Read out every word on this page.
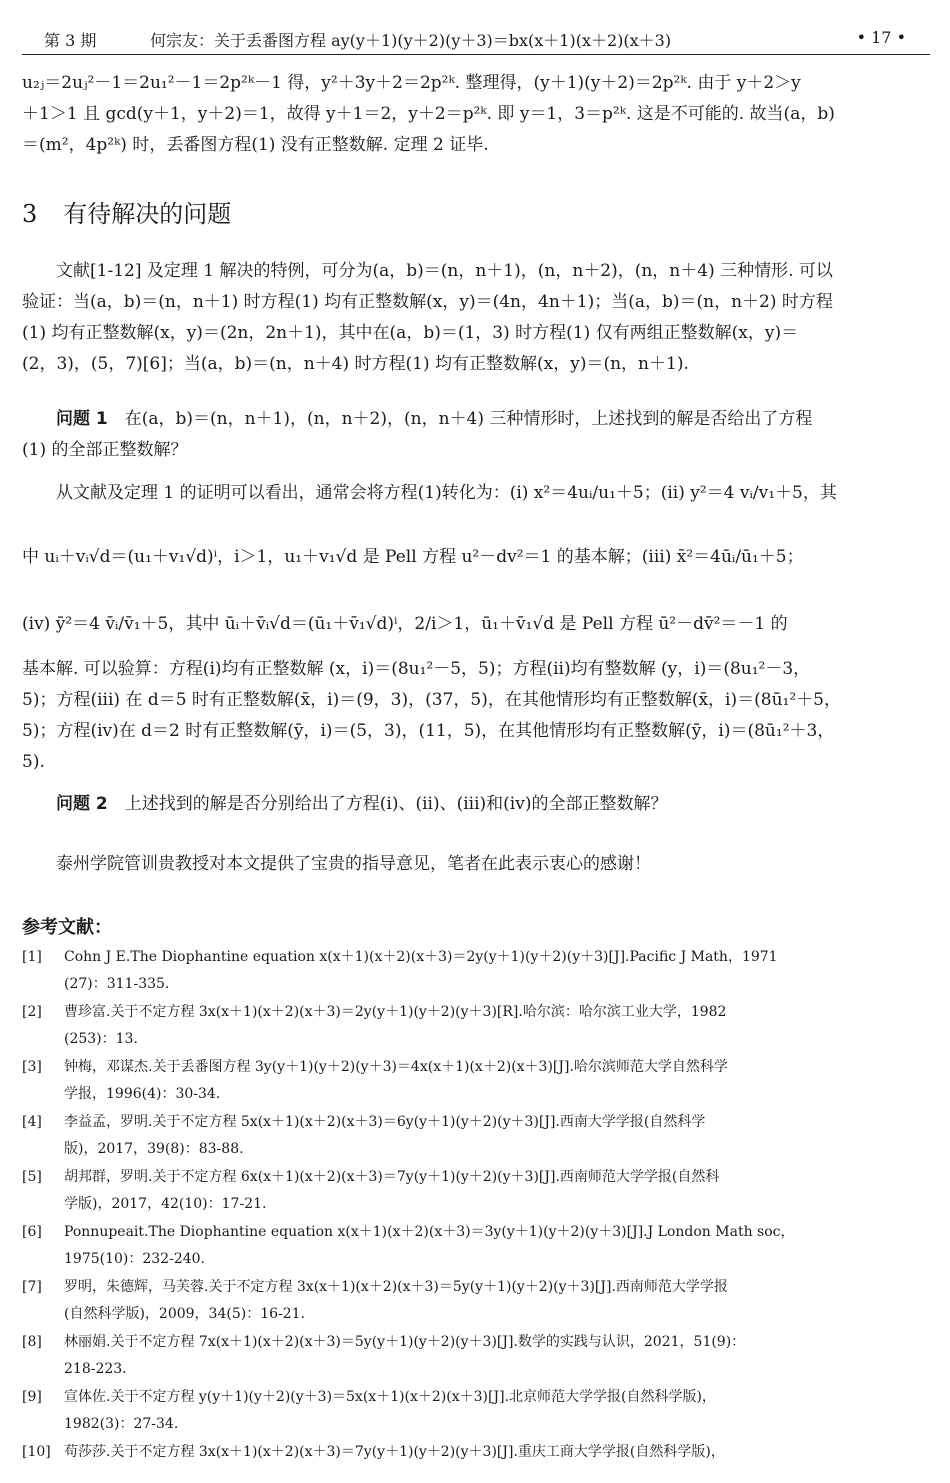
第 3 期	何宗友：关于丢番图方程 ay(y＋1)(y＋2)(y＋3)＝bx(x＋1)(x＋2)(x＋3)	• 17 •
u₂ⱼ＝2uⱼ²－1＝2u₁²－1＝2p²ᵏ－1 得，y²＋3y＋2＝2p²ᵏ. 整理得，(y＋1)(y＋2)＝2p²ᵏ. 由于 y＋2＞y
＋1＞1 且 gcd(y＋1，y＋2)＝1，故得 y＋1＝2，y＋2＝p²ᵏ. 即 y＝1，3＝p²ᵏ. 这是不可能的. 故当(a，b)
＝(m²，4p²ᵏ) 时，丢番图方程(1) 没有正整数解. 定理 2 证毕.
3 有待解决的问题
文献[1-12] 及定理 1 解决的特例，可分为(a，b)＝(n，n＋1)，(n，n＋2)，(n，n＋4) 三种情形. 可以
验证：当(a，b)＝(n，n＋1) 时方程(1) 均有正整数解(x，y)＝(4n，4n＋1)；当(a，b)＝(n，n＋2) 时方程
(1) 均有正整数解(x，y)＝(2n，2n＋1)，其中在(a，b)＝(1，3) 时方程(1) 仅有两组正整数解(x，y)＝
(2，3)，(5，7)[6]；当(a，b)＝(n，n＋4) 时方程(1) 均有正整数解(x，y)＝(n，n＋1).
问题 1　 在(a，b)＝(n，n＋1)，(n，n＋2)，(n，n＋4) 三种情形时，上述找到的解是否给出了方程
(1) 的全部正整数解？
从文献及定理 1 的证明可以看出，通常会将方程(1)转化为：(i) x²＝4uᵢ/u₁＋5；(ii) y²＝4 vᵢ/v₁＋5，其
中 uᵢ＋vᵢ√d＝(u₁＋v₁√d)ⁱ，i＞1，u₁＋v₁√d 是 Pell 方程 u²－dv²＝1 的基本解；(iii) x̄²＝4ūᵢ/ū₁＋5；
(iv) ȳ²＝4 v̄ᵢ/v̄₁＋5，其中 ūᵢ＋v̄ᵢ√d＝(ū₁＋v̄₁√d)ⁱ，2/i＞1，ū₁＋v̄₁√d 是 Pell 方程 ū²－dv̄²＝－1 的
基本解. 可以验算：方程(i)均有正整数解 (x，i)＝(8u₁²－5，5)；方程(ii)均有整数解 (y，i)＝(8u₁²－3，
5)；方程(iii) 在 d＝5 时有正整数解(x̄，i)＝(9，3)，(37，5)，在其他情形均有正整数解(x̄，i)＝(8ū₁²＋5，
5)；方程(iv)在 d＝2 时有正整数解(ȳ，i)＝(5，3)，(11，5)，在其他情形均有正整数解(ȳ，i)＝(8ū₁²＋3，
5).
问题 2　 上述找到的解是否分别给出了方程(i)、(ii)、(iii)和(iv)的全部正整数解？
泰州学院管训贵教授对本文提供了宝贵的指导意见，笔者在此表示衷心的感谢！
参考文献：
[1] Cohn J E.The Diophantine equation x(x＋1)(x＋2)(x＋3)＝2y(y＋1)(y＋2)(y＋3)[J].Pacific J Math，1971
(27)：311-335.
[2] 曹珍富.关于不定方程 3x(x＋1)(x＋2)(x＋3)＝2y(y＋1)(y＋2)(y＋3)[R].哈尔滨：哈尔滨工业大学，1982
(253)：13.
[3] 钟梅，邓谋杰.关于丢番图方程 3y(y＋1)(y＋2)(y＋3)＝4x(x＋1)(x＋2)(x＋3)[J].哈尔滨师范大学自然科学
学报，1996(4)：30-34.
[4] 李益孟，罗明.关于不定方程 5x(x＋1)(x＋2)(x＋3)＝6y(y＋1)(y＋2)(y＋3)[J].西南大学学报(自然科学
版)，2017，39(8)：83-88.
[5] 胡邦群，罗明.关于不定方程 6x(x＋1)(x＋2)(x＋3)＝7y(y＋1)(y＋2)(y＋3)[J].西南师范大学学报(自然科
学版)，2017，42(10)：17-21.
[6] Ponnupeait.The Diophantine equation x(x＋1)(x＋2)(x＋3)＝3y(y＋1)(y＋2)(y＋3)[J].J London Math soc，
1975(10)：232-240.
[7] 罗明，朱德辉，马芙蓉.关于不定方程 3x(x＋1)(x＋2)(x＋3)＝5y(y＋1)(y＋2)(y＋3)[J].西南师范大学学报
(自然科学版)，2009，34(5)：16-21.
[8] 林丽娟.关于不定方程 7x(x＋1)(x＋2)(x＋3)＝5y(y＋1)(y＋2)(y＋3)[J].数学的实践与认识，2021，51(9)：
218-223.
[9] 宣体佐.关于不定方程 y(y＋1)(y＋2)(y＋3)＝5x(x＋1)(x＋2)(x＋3)[J].北京师范大学学报(自然科学版)，
1982(3)：27-34.
[10] 苟莎莎.关于不定方程 3x(x＋1)(x＋2)(x＋3)＝7y(y＋1)(y＋2)(y＋3)[J].重庆工商大学学报(自然科学版)，
